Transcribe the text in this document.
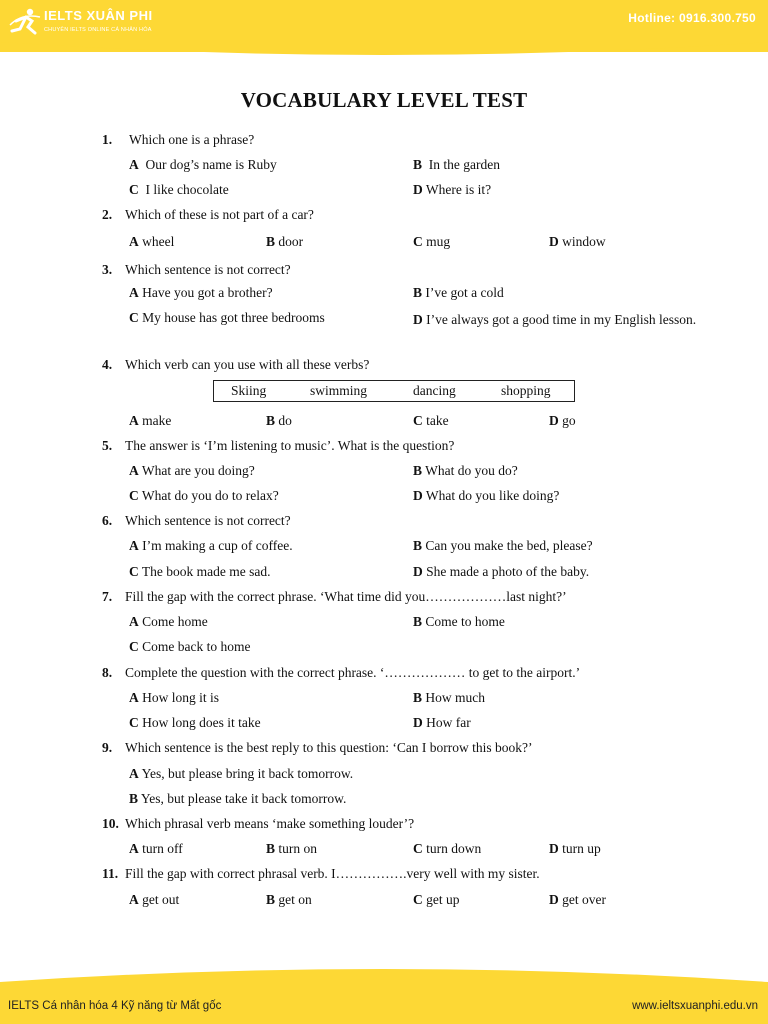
IELTS XUÂN PHI
CHUYÊN IELTS ONLINE CÁ NHÂN HÓA
Hotline: 0916.300.750
VOCABULARY LEVEL TEST
1. Which one is a phrase?
A Our dog’s name is Ruby	B In the garden
C I like chocolate	D Where is it?
2. Which of these is not part of a car?
A wheel	B door	C mug	D window
3. Which sentence is not correct?
A Have you got a brother?	B I’ve got a cold
C My house has got three bedrooms	D I’ve always got a good time in my English lesson.
4. Which verb can you use with all these verbs?
Skiing	swimming	dancing	shopping
A make	B do	C take	D go
5. The answer is ‘I’m listening to music’. What is the question?
A What are you doing?	B What do you do?
C What do you do to relax?	D What do you like doing?
6. Which sentence is not correct?
A I’m making a cup of coffee.	B Can you make the bed, please?
C The book made me sad.	D She made a photo of the baby.
7. Fill the gap with the correct phrase. ‘What time did you………………last night?’
A Come home	B Come to home
C Come back to home
8. Complete the question with the correct phrase. ‘……………… to get to the airport.’
A How long it is	B How much
C How long does it take	D How far
9. Which sentence is the best reply to this question: ‘Can I borrow this book?’
A Yes, but please bring it back tomorrow.
B Yes, but please take it back tomorrow.
10. Which phrasal verb means ‘make something louder’?
A turn off	B turn on	C turn down	D turn up
11. Fill the gap with correct phrasal verb. I…………….very well with my sister.
A get out	B get on	C get up	D get over
IELTS Cá nhân hóa 4 Kỹ năng từ Mất gốc	www.ieltsxuanphi.edu.vn
